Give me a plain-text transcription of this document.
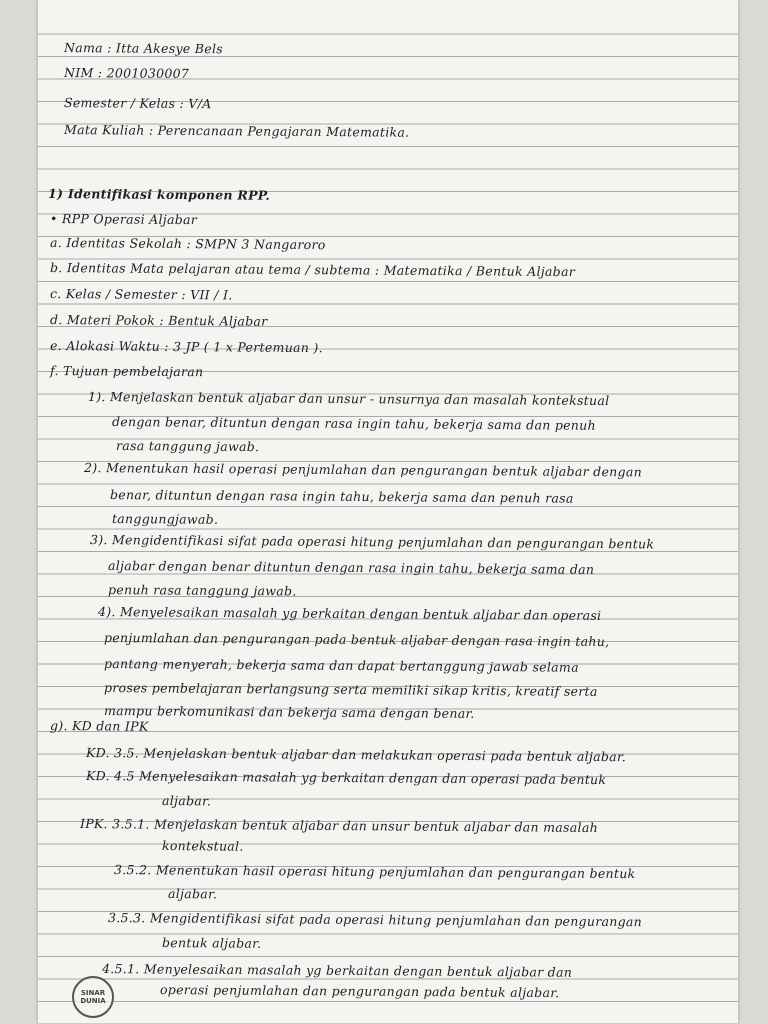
Nama : Itta Akesye Bels
NIM : 2001030007
Semester / Kelas : V/A
Mata Kuliah : Perencanaan Pengajaran Matematika.
1) Identifikasi komponen RPP.
• RPP Operasi Aljabar
a. Identitas Sekolah : SMPN 3 Nangaroro
b. Identitas Mata pelajaran atau tema / subtema : Matematika / Bentuk Aljabar
c. Kelas / Semester : VII / I.
d. Materi Pokok : Bentuk Aljabar
e. Alokasi Waktu : 3 JP ( 1 x Pertemuan ).
f. Tujuan pembelajaran
1). Menjelaskan bentuk aljabar dan unsur - unsurnya dan masalah kontekstual
dengan benar, dituntun dengan rasa ingin tahu, bekerja sama dan penuh
rasa tanggung jawab.
2). Menentukan hasil operasi penjumlahan dan pengurangan bentuk aljabar dengan
benar, dituntun dengan rasa ingin tahu, bekerja sama dan penuh rasa
tanggungjawab.
3). Mengidentifikasi sifat pada operasi hitung penjumlahan dan pengurangan bentuk
aljabar dengan benar dituntun dengan rasa ingin tahu, bekerja sama dan
penuh rasa tanggung jawab.
4). Menyelesaikan masalah yg berkaitan dengan bentuk aljabar dan operasi
penjumlahan dan pengurangan pada bentuk aljabar dengan rasa ingin tahu,
pantang menyerah, bekerja sama dan dapat bertanggung jawab selama
proses pembelajaran berlangsung serta memiliki sikap kritis, kreatif serta
mampu berkomunikasi dan bekerja sama dengan benar.
g). KD dan IPK
KD. 3.5. Menjelaskan bentuk aljabar dan melakukan operasi pada bentuk aljabar.
KD. 4.5 Menyelesaikan masalah yg berkaitan dengan dan operasi pada bentuk
aljabar.
IPK. 3.5.1. Menjelaskan bentuk aljabar dan unsur bentuk aljabar dan masalah
kontekstual.
3.5.2. Menentukan hasil operasi hitung penjumlahan dan pengurangan bentuk
aljabar.
3.5.3. Mengidentifikasi sifat pada operasi hitung penjumlahan dan pengurangan
bentuk aljabar.
4.5.1. Menyelesaikan masalah yg berkaitan dengan bentuk aljabar dan
operasi penjumlahan dan pengurangan pada bentuk aljabar.
SINAR
DUNIA
